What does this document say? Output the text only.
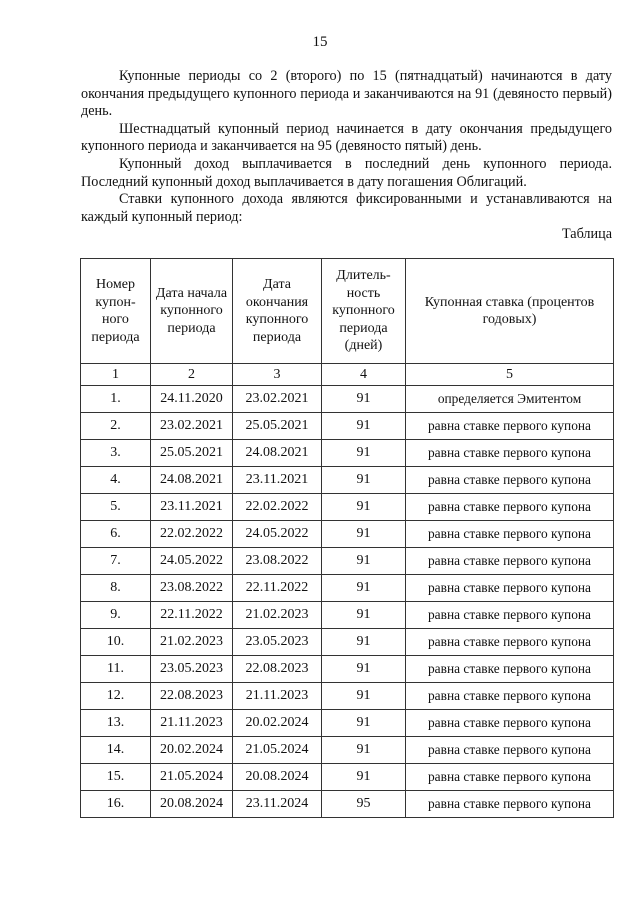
15

Купонные периоды со 2 (второго) по 15 (пятнадцатый) начинаются в дату окончания предыдущего купонного периода и заканчиваются на 91 (девяносто первый) день.

Шестнадцатый купонный период начинается в дату окончания предыдущего купонного периода и заканчивается на 95 (девяносто пятый) день.

Купонный доход выплачивается в последний день купонного периода. Последний купонный доход выплачивается в дату погашения Облигаций.

Ставки купонного дохода являются фиксированными и устанавливаются на каждый купонный период:

Таблица
Номер купон-ного периода	Дата начала купонного периода	Дата окончания купонного периода	Длитель-ность купонного периода (дней)	Купонная ставка (процентов годовых)
1	2	3	4	5
1.	24.11.2020	23.02.2021	91	определяется Эмитентом
2.	23.02.2021	25.05.2021	91	равна ставке первого купона
3.	25.05.2021	24.08.2021	91	равна ставке первого купона
4.	24.08.2021	23.11.2021	91	равна ставке первого купона
5.	23.11.2021	22.02.2022	91	равна ставке первого купона
6.	22.02.2022	24.05.2022	91	равна ставке первого купона
7.	24.05.2022	23.08.2022	91	равна ставке первого купона
8.	23.08.2022	22.11.2022	91	равна ставке первого купона
9.	22.11.2022	21.02.2023	91	равна ставке первого купона
10.	21.02.2023	23.05.2023	91	равна ставке первого купона
11.	23.05.2023	22.08.2023	91	равна ставке первого купона
12.	22.08.2023	21.11.2023	91	равна ставке первого купона
13.	21.11.2023	20.02.2024	91	равна ставке первого купона
14.	20.02.2024	21.05.2024	91	равна ставке первого купона
15.	21.05.2024	20.08.2024	91	равна ставке первого купона
16.	20.08.2024	23.11.2024	95	равна ставке первого купона
